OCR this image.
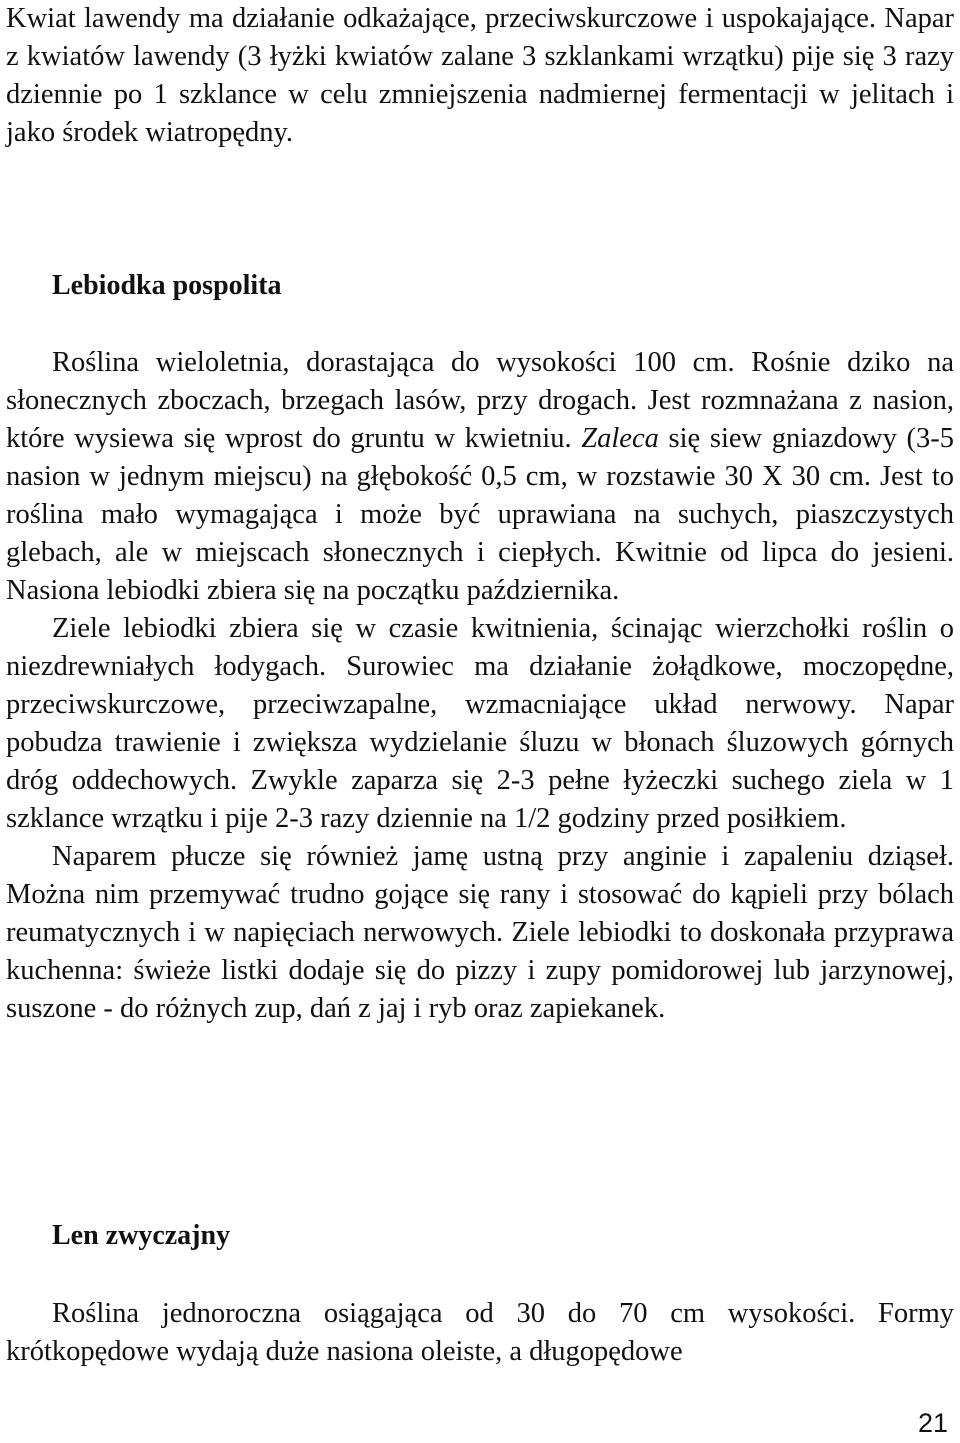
Kwiat lawendy ma działanie odkażające, przeciwskurczowe i uspokajające. Napar z kwiatów lawendy (3 łyżki kwiatów zalane 3 szklankami wrzątku) pije się 3 razy dziennie po 1 szklance w celu zmniejszenia nadmiernej fermentacji w jelitach i jako środek wiatropędny.

Lebiodka pospolita

Roślina wieloletnia, dorastająca do wysokości 100 cm. Rośnie dziko na słonecznych zboczach, brzegach lasów, przy drogach. Jest rozmnażana z nasion, które wysiewa się wprost do gruntu w kwietniu. Zaleca się siew gniazdowy (3-5 nasion w jednym miejscu) na głębokość 0,5 cm, w rozstawie 30 X 30 cm. Jest to roślina mało wymagająca i może być uprawiana na suchych, piaszczystych glebach, ale w miejscach słonecznych i ciepłych. Kwitnie od lipca do jesieni. Nasiona lebiodki zbiera się na początku października.

Ziele lebiodki zbiera się w czasie kwitnienia, ścinając wierzchołki roślin o niezdrewniałych łodygach. Surowiec ma działanie żołądkowe, moczopędne, przeciwskurczowe, przeciwzapalne, wzmacniające układ nerwowy. Napar pobudza trawienie i zwiększa wydzielanie śluzu w błonach śluzowych górnych dróg oddechowych. Zwykle zaparza się 2-3 pełne łyżeczki suchego ziela w 1 szklance wrzątku i pije 2-3 razy dziennie na 1/2 godziny przed posiłkiem.

Naparem płucze się również jamę ustną przy anginie i zapaleniu dziąseł. Można nim przemywać trudno gojące się rany i stosować do kąpieli przy bólach reumatycznych i w napięciach nerwowych. Ziele lebiodki to doskonała przyprawa kuchenna: świeże listki dodaje się do pizzy i zupy pomidorowej lub jarzynowej, suszone - do różnych zup, dań z jaj i ryb oraz zapiekanek.

Len zwyczajny

Roślina jednoroczna osiągająca od 30 do 70 cm wysokości. Formy krótkopędowe wydają duże nasiona oleiste, a długopędowe

21
